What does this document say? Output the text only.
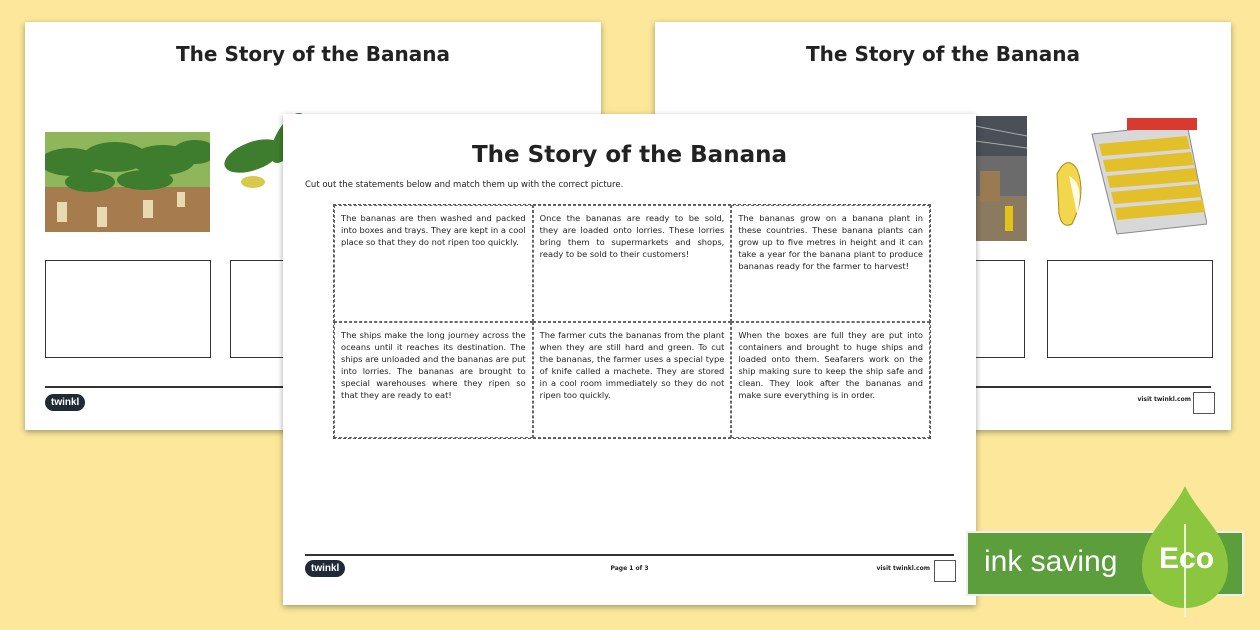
The Story of the Banana
twinkl
The Story of the Banana
visit twinkl.com
The Story of the Banana
Cut out the statements below and match them up with the correct picture.
The bananas are then washed and packed into boxes and trays. They are kept in a cool place so that they do not ripen too quickly.
Once the bananas are ready to be sold, they are loaded onto lorries. These lorries bring them to supermarkets and shops, ready to be sold to their customers!
The bananas grow on a banana plant in these countries. These banana plants can grow up to five metres in height and it can take a year for the banana plant to produce bananas ready for the farmer to harvest!
The ships make the long journey across the oceans until it reaches its destination. The ships are unloaded and the bananas are put into lorries. The bananas are brought to special warehouses where they ripen so that they are ready to eat!
The farmer cuts the bananas from the plant when they are still hard and green. To cut the bananas, the farmer uses a special type of knife called a machete. They are stored in a cool room immediately so they do not ripen too quickly.
When the boxes are full they are put into containers and brought to huge ships and loaded onto them. Seafarers work on the ship making sure to keep the ship safe and clean. They look after the bananas and make sure everything is in order.
twinkl	Page 1 of 3	visit twinkl.com ink saving Eco
